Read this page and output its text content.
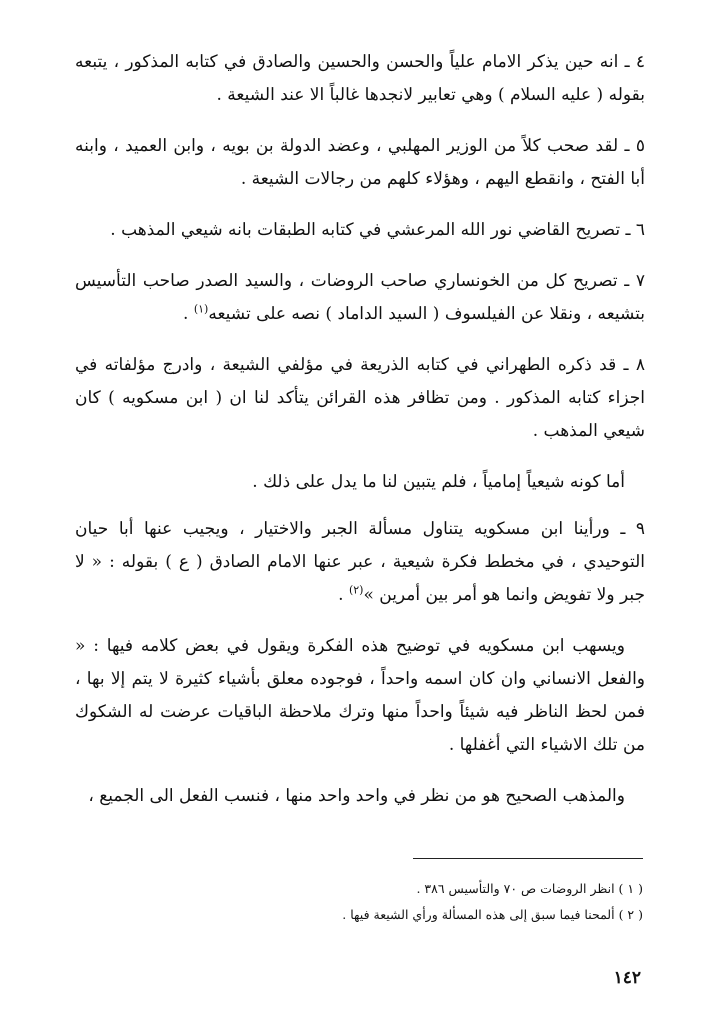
٤ ـ انه حين يذكر الامام علياً والحسن والحسين والصادق في كتابه المذكور ، يتبعه بقوله ( عليه السلام ) وهي تعابير لانجدها غالباً الا عند الشيعة .

٥ ـ لقد صحب كلاً من الوزير المهلبي ، وعضد الدولة بن بويه ، وابن العميد ، وابنه أبا الفتح ، وانقطع اليهم ، وهؤلاء كلهم من رجالات الشيعة .

٦ ـ تصريح القاضي نور الله المرعشي في كتابه الطبقات بانه شيعي المذهب .

٧ ـ تصريح كل من الخونساري صاحب الروضات ، والسيد الصدر صاحب التأسيس بتشيعه ، ونقلا عن الفيلسوف ( السيد الداماد ) نصه على تشيعه$^{(١)}$ .

٨ ـ قد ذكره الطهراني في كتابه الذريعة في مؤلفي الشيعة ، وادرج مؤلفاته في اجزاء كتابه المذكور . ومن تظافر هذه القرائن يتأكد لنا ان ( ابن مسكويه ) كان شيعي المذهب .

أما كونه شيعياً إمامياً ، فلم يتبين لنا ما يدل على ذلك .

٩ ـ ورأينا ابن مسكويه يتناول مسألة الجبر والاختيار ، ويجيب عنها أبا حيان التوحيدي ، في مخطط فكرة شيعية ، عبر عنها الامام الصادق ( ع ) بقوله : « لا جبر ولا تفويض وانما هو أمر بين أمرين »$^{(٢)}$ .

ويسهب ابن مسكويه في توضيح هذه الفكرة ويقول في بعض كلامه فيها : « والفعل الانساني وان كان اسمه واحداً ، فوجوده معلق بأشياء كثيرة لا يتم إلا بها ، فمن لحظ الناظر فيه شيئاً واحداً منها وترك ملاحظة الباقيات عرضت له الشكوك من تلك الاشياء التي أغفلها .

والمذهب الصحيح هو من نظر في واحد واحد منها ، فنسب الفعل الى الجميع ،

( ١ ) انظر الروضات ص ٧٠ والتأسيس ٣٨٦ .

( ٢ ) ألمحنا فيما سبق إلى هذه المسألة ورأي الشيعة فيها .

١٤٢
